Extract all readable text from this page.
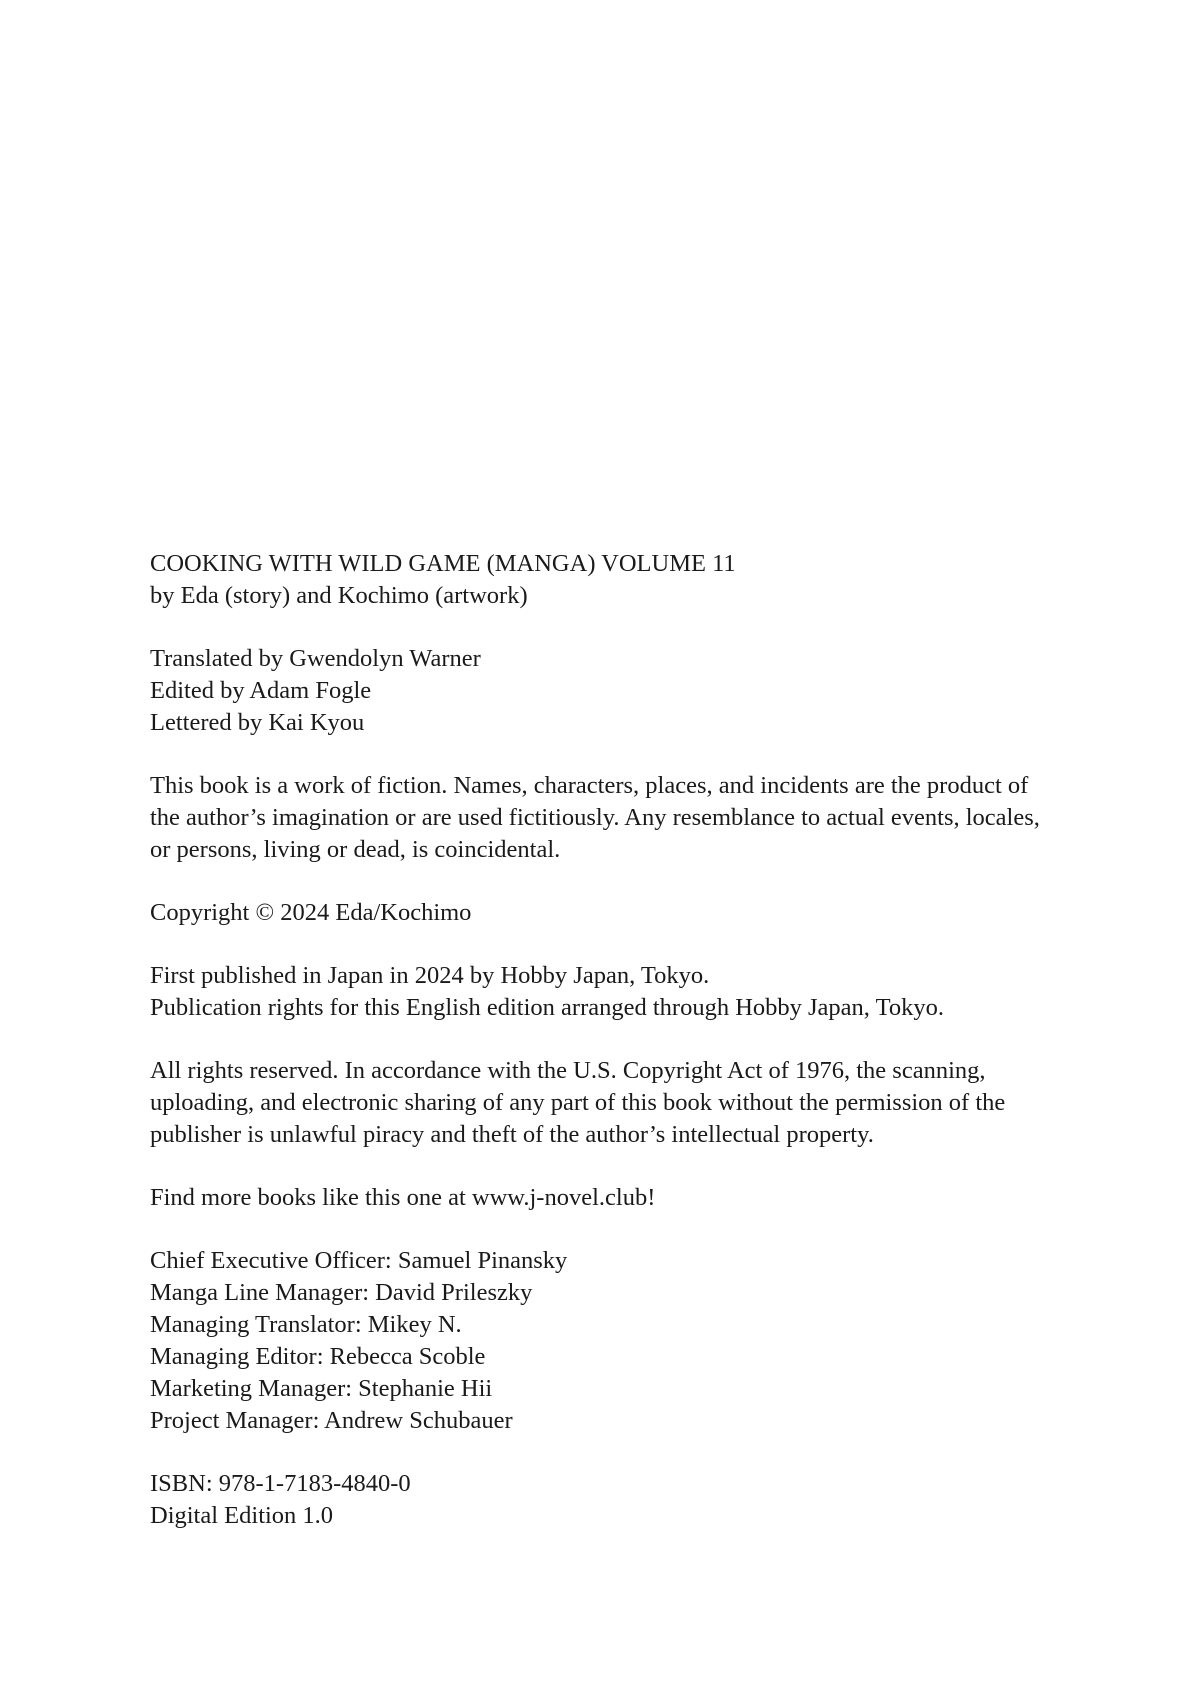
COOKING WITH WILD GAME (MANGA) VOLUME 11
by Eda (story) and Kochimo (artwork)
Translated by Gwendolyn Warner
Edited by Adam Fogle
Lettered by Kai Kyou
This book is a work of fiction. Names, characters, places, and incidents are the product of
the author’s imagination or are used fictitiously. Any resemblance to actual events, locales,
or persons, living or dead, is coincidental.
Copyright © 2024 Eda/Kochimo
First published in Japan in 2024 by Hobby Japan, Tokyo.
Publication rights for this English edition arranged through Hobby Japan, Tokyo.
All rights reserved. In accordance with the U.S. Copyright Act of 1976, the scanning,
uploading, and electronic sharing of any part of this book without the permission of the
publisher is unlawful piracy and theft of the author’s intellectual property.
Find more books like this one at www.j-novel.club!
Chief Executive Officer: Samuel Pinansky
Manga Line Manager: David Prileszky
Managing Translator: Mikey N.
Managing Editor: Rebecca Scoble
Marketing Manager: Stephanie Hii
Project Manager: Andrew Schubauer
ISBN: 978-1-7183-4840-0
Digital Edition 1.0
